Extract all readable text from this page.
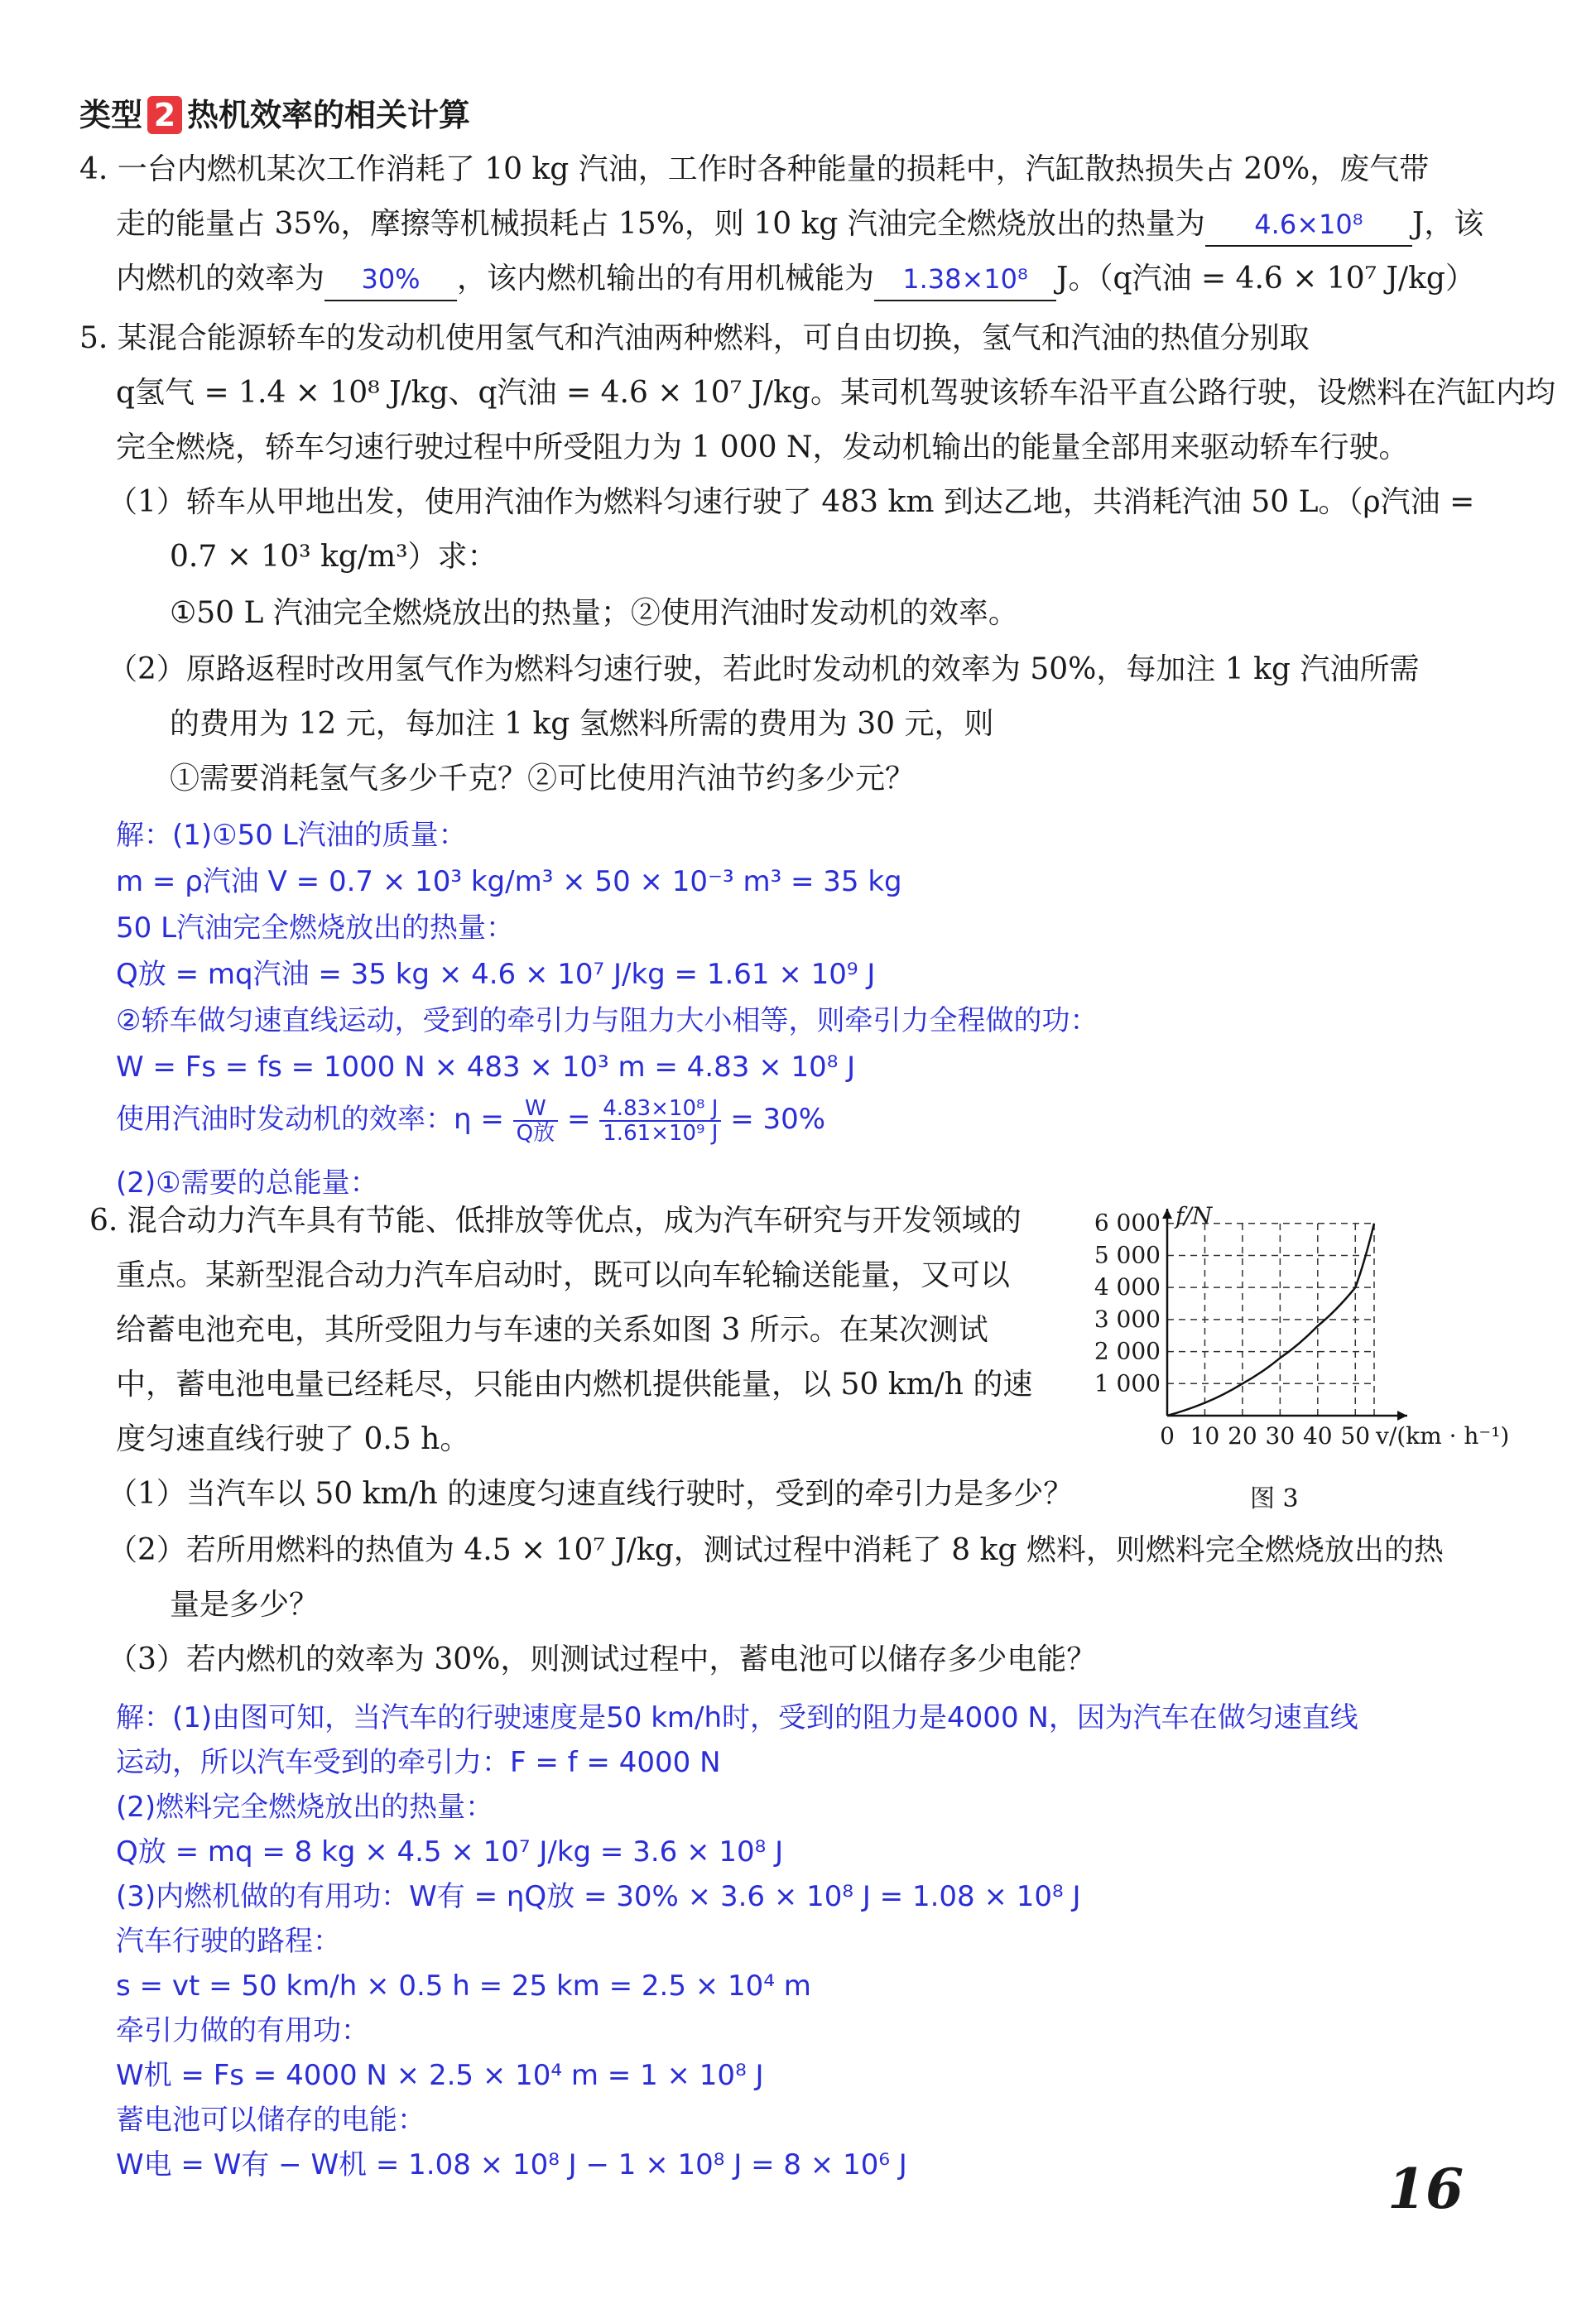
类型 2 热机效率的相关计算
4. 一台内燃机某次工作消耗了 10 kg 汽油，工作时各种能量的损耗中，汽缸散热损失占 20%，废气带
走的能量占 35%，摩擦等机械损耗占 15%，则 10 kg 汽油完全燃烧放出的热量为 4.6×10⁸ J，该
内燃机的效率为 30% ，该内燃机输出的有用机械能为 1.38×10⁸ J。（q汽油 = 4.6 × 10⁷ J/kg）
5. 某混合能源轿车的发动机使用氢气和汽油两种燃料，可自由切换，氢气和汽油的热值分别取
q氢气 = 1.4 × 10⁸ J/kg、q汽油 = 4.6 × 10⁷ J/kg。某司机驾驶该轿车沿平直公路行驶，设燃料在汽缸内均
完全燃烧，轿车匀速行驶过程中所受阻力为 1 000 N，发动机输出的能量全部用来驱动轿车行驶。
（1）轿车从甲地出发，使用汽油作为燃料匀速行驶了 483 km 到达乙地，共消耗汽油 50 L。（ρ汽油 =
0.7 × 10³ kg/m³）求：
①50 L 汽油完全燃烧放出的热量；②使用汽油时发动机的效率。
（2）原路返程时改用氢气作为燃料匀速行驶，若此时发动机的效率为 50%，每加注 1 kg 汽油所需
的费用为 12 元，每加注 1 kg 氢燃料所需的费用为 30 元，则
①需要消耗氢气多少千克？②可比使用汽油节约多少元？
解：(1)①50 L汽油的质量：
m = ρ汽油 V = 0.7 × 10³ kg/m³ × 50 × 10⁻³ m³ = 35 kg
50 L汽油完全燃烧放出的热量：
Q放 = mq汽油 = 35 kg × 4.6 × 10⁷ J/kg = 1.61 × 10⁹ J
②轿车做匀速直线运动，受到的牵引力与阻力大小相等，则牵引力全程做的功：
W = Fs = fs = 1000 N × 483 × 10³ m = 4.83 × 10⁸ J
使用汽油时发动机的效率：$\eta = \frac{W}{\text{Q放}} = \frac{\text{4.83×10⁸ J}}{\text{1.61×10⁹ J}} = 30\%$
(2)①需要的总能量：
6. 混合动力汽车具有节能、低排放等优点，成为汽车研究与开发领域的
重点。某新型混合动力汽车启动时，既可以向车轮输送能量，又可以
给蓄电池充电，其所受阻力与车速的关系如图 3 所示。在某次测试
中，蓄电池电量已经耗尽，只能由内燃机提供能量，以 50 km/h 的速
度匀速直线行驶了 0.5 h。
（1）当汽车以 50 km/h 的速度匀速直线行驶时，受到的牵引力是多少？
（2）若所用燃料的热值为 4.5 × 10⁷ J/kg，测试过程中消耗了 8 kg 燃料，则燃料完全燃烧放出的热
量是多少？
（3）若内燃机的效率为 30%，则测试过程中，蓄电池可以储存多少电能？
1 000
2 000
3 000
4 000
5 000
6 000
0 10 20 30 40 50
f/N
v/(km · h⁻¹)
图 3
解：(1)由图可知，当汽车的行驶速度是50 km/h时，受到的阻力是4000 N，因为汽车在做匀速直线
运动，所以汽车受到的牵引力：F = f = 4000 N
(2)燃料完全燃烧放出的热量：
Q放 = mq = 8 kg × 4.5 × 10⁷ J/kg = 3.6 × 10⁸ J
(3)内燃机做的有用功：W有 = ηQ放 = 30% × 3.6 × 10⁸ J = 1.08 × 10⁸ J
汽车行驶的路程：
s = vt = 50 km/h × 0.5 h = 25 km = 2.5 × 10⁴ m
牵引力做的有用功：
W机 = Fs = 4000 N × 2.5 × 10⁴ m = 1 × 10⁸ J
蓄电池可以储存的电能：
W电 = W有 − W机 = 1.08 × 10⁸ J − 1 × 10⁸ J = 8 × 10⁶ J	16
